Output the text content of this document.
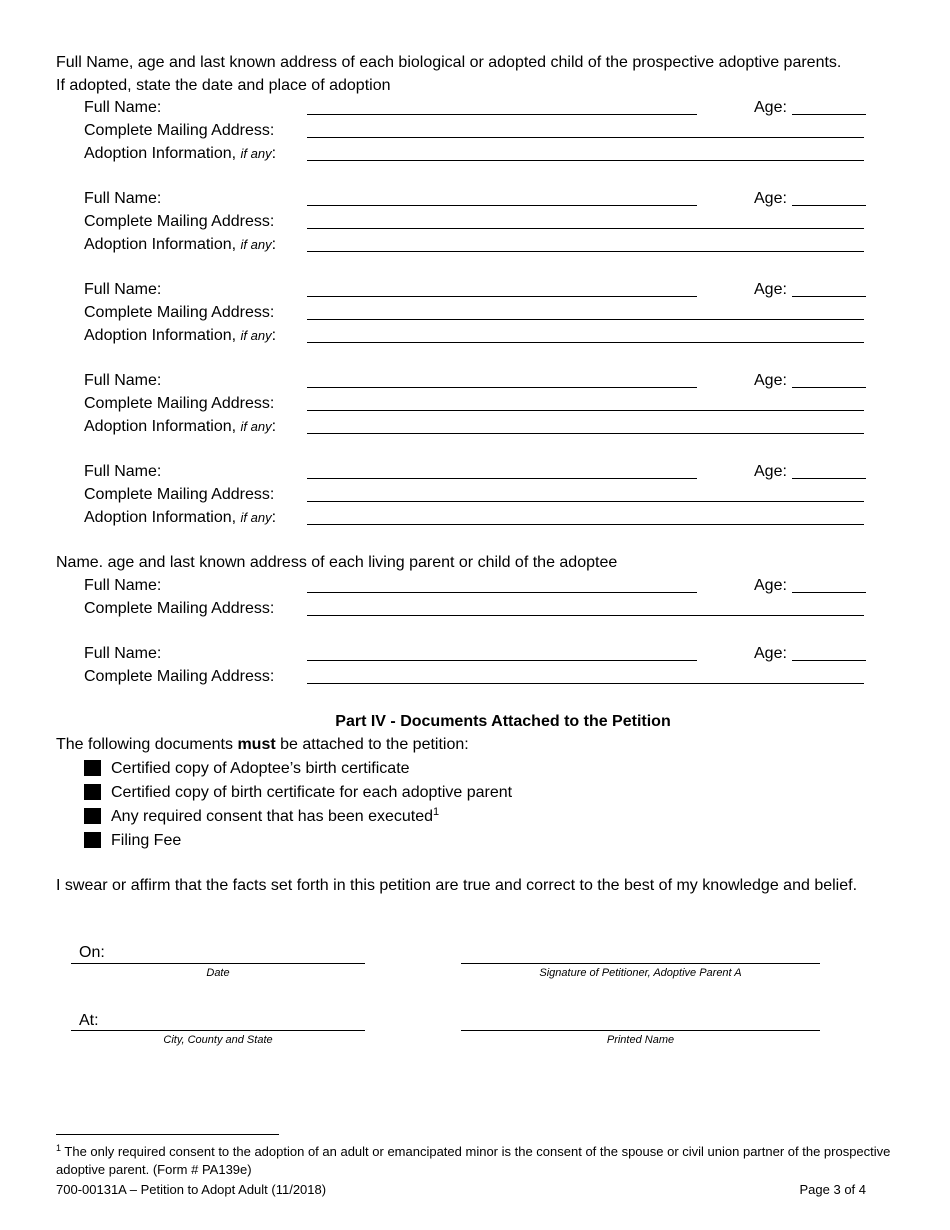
Full Name, age and last known address of each biological or adopted child of the prospective adoptive parents.
If adopted, state the date and place of adoption
Full Name:	Age:
Complete Mailing Address:
Adoption Information, if any:
Full Name:	Age:
Complete Mailing Address:
Adoption Information, if any:
Full Name:	Age:
Complete Mailing Address:
Adoption Information, if any:
Full Name:	Age:
Complete Mailing Address:
Adoption Information, if any:
Full Name:	Age:
Complete Mailing Address:
Adoption Information, if any:
Name. age and last known address of each living parent or child of the adoptee
Full Name:	Age:
Complete Mailing Address:
Full Name:	Age:
Complete Mailing Address:
Part IV - Documents Attached to the Petition
The following documents must be attached to the petition:
Certified copy of Adoptee’s birth certificate
Certified copy of birth certificate for each adoptive parent
Any required consent that has been executed$^1$
Filing Fee
I swear or affirm that the facts set forth in this petition are true and correct to the best of my knowledge and belief.
On:
Date	Signature of Petitioner, Adoptive Parent A
At:
City, County and State	Printed Name
$^1$ The only required consent to the adoption of an adult or emancipated minor is the consent of the spouse or civil union partner of the prospective adoptive parent. (Form # PA139e)
700-00131A – Petition to Adopt Adult (11/2018)	Page 3 of 4
